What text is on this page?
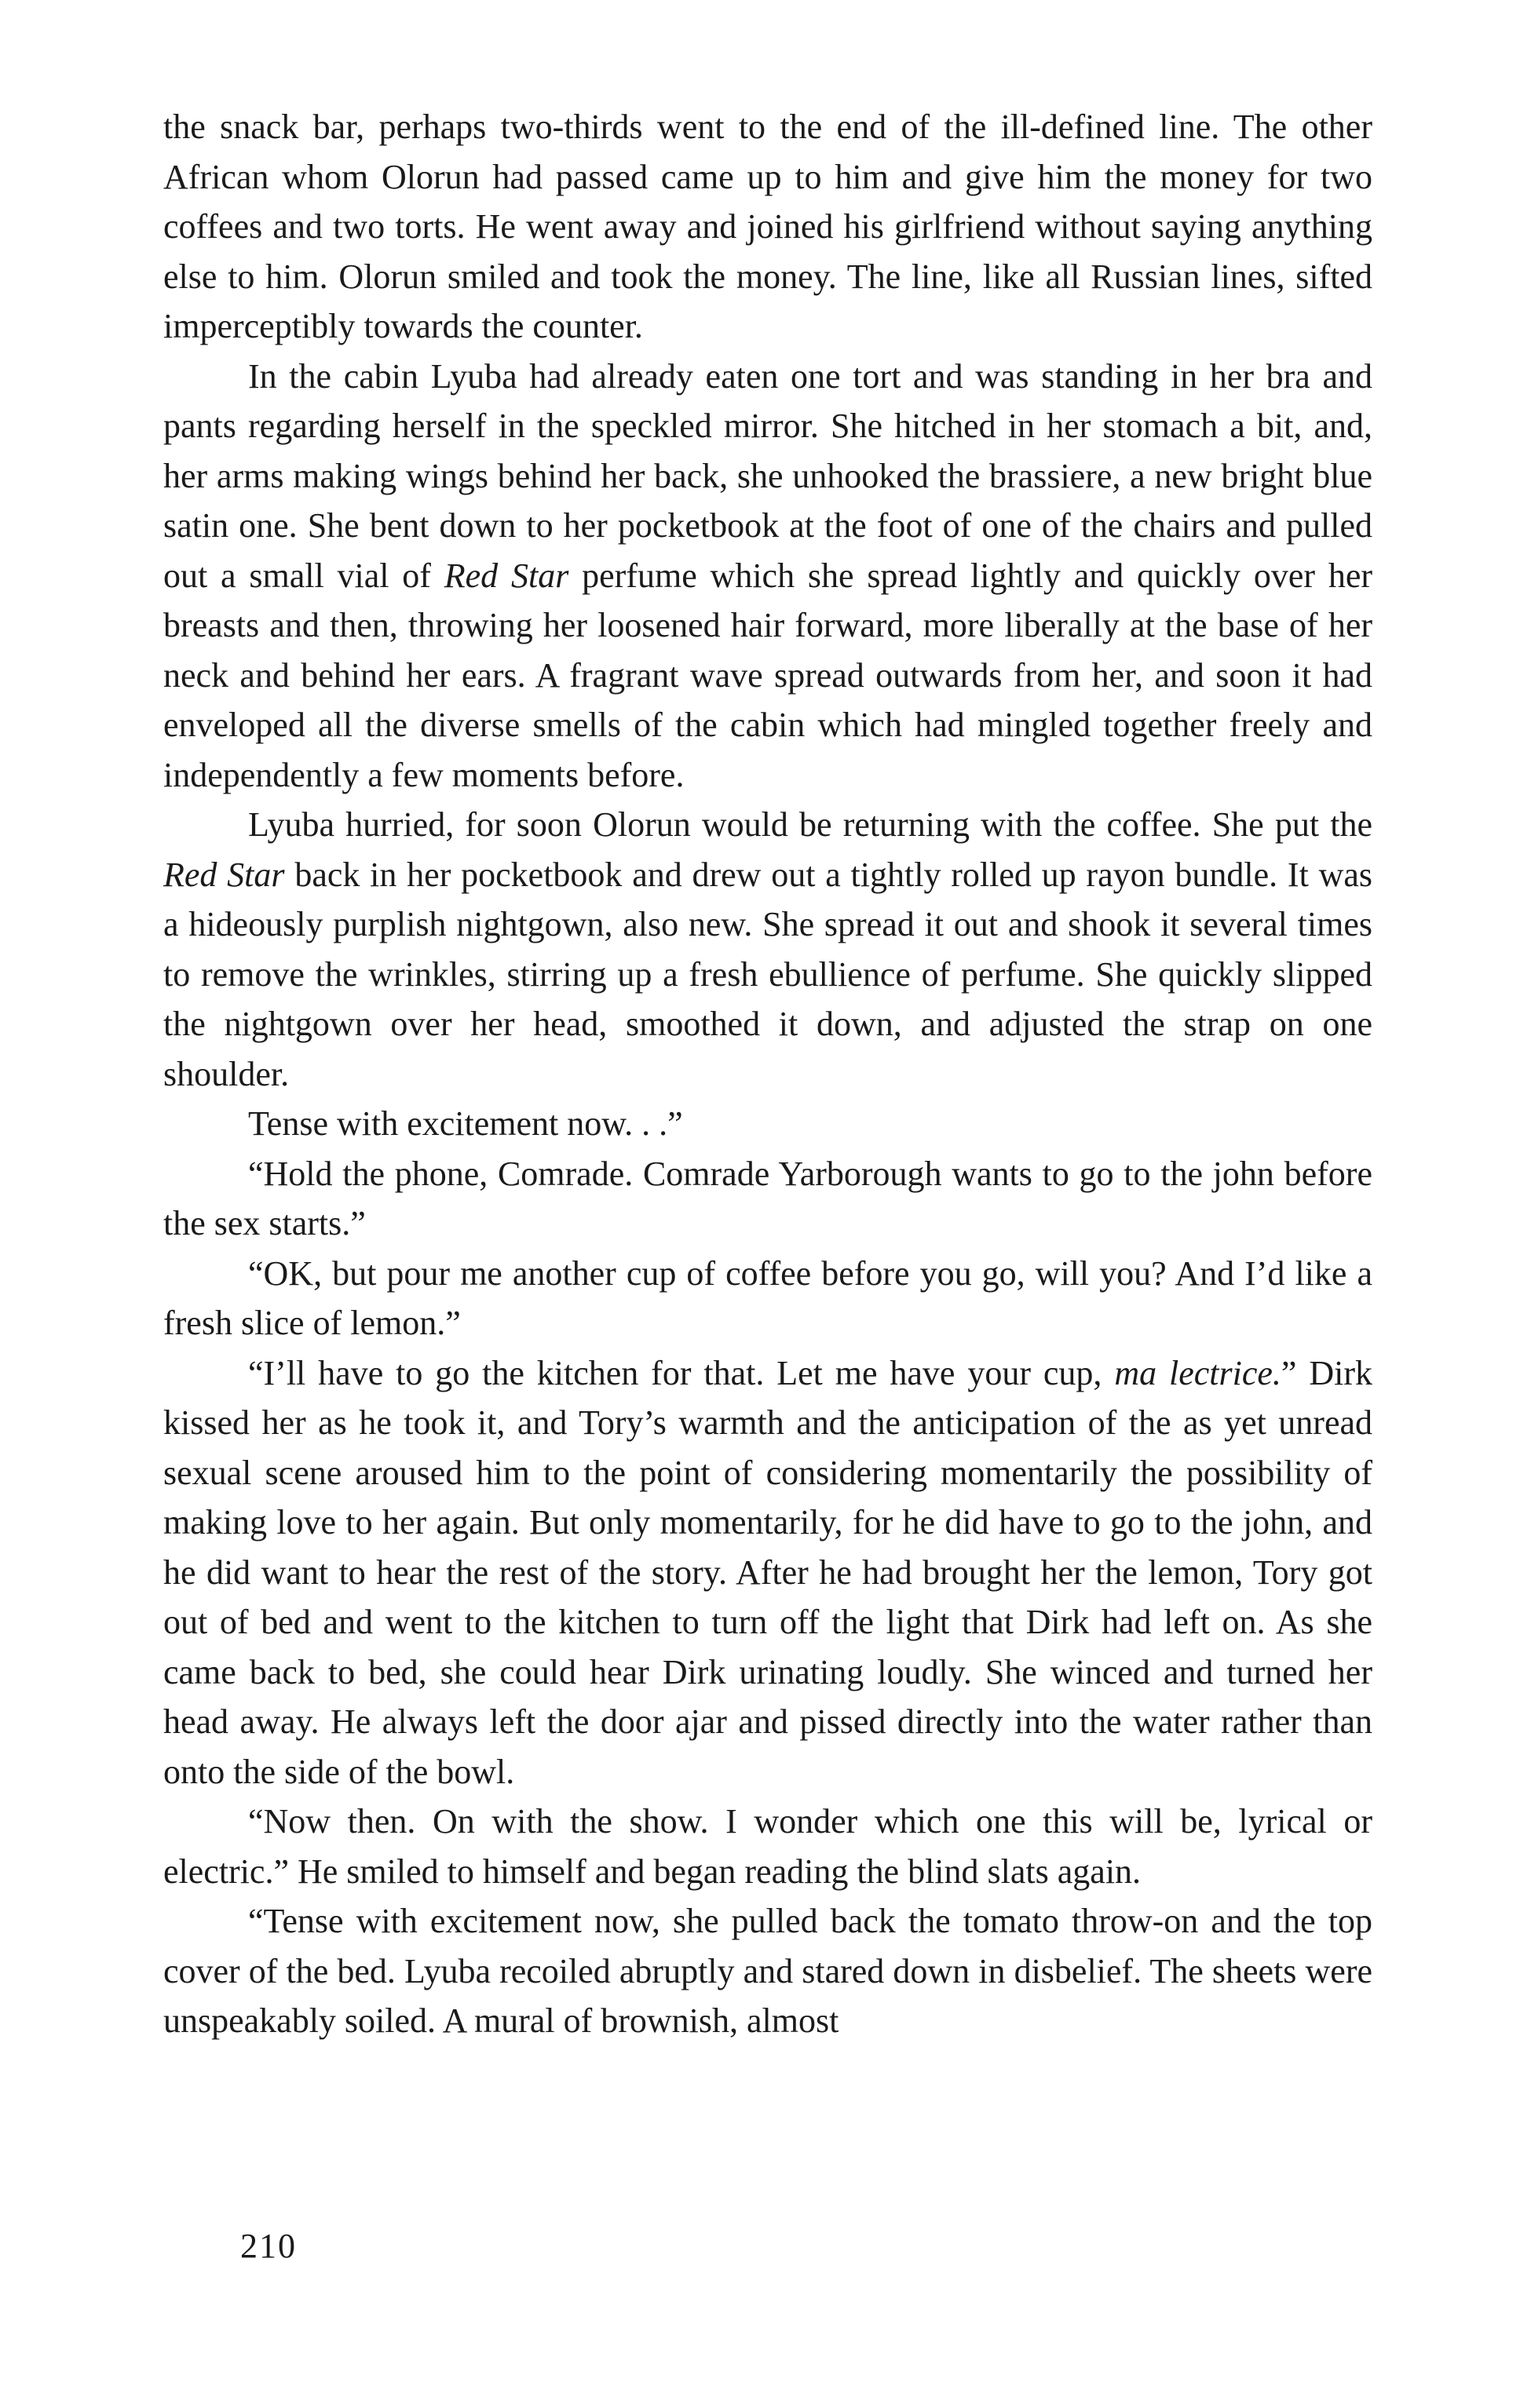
the snack bar, perhaps two-thirds went to the end of the ill-defined line. The other African whom Olorun had passed came up to him and give him the money for two coffees and two torts. He went away and joined his girlfriend without saying anything else to him. Olorun smiled and took the money. The line, like all Russian lines, sifted imperceptibly towards the counter.

In the cabin Lyuba had already eaten one tort and was standing in her bra and pants regarding herself in the speckled mirror. She hitched in her stomach a bit, and, her arms making wings behind her back, she unhooked the brassiere, a new bright blue satin one. She bent down to her pocketbook at the foot of one of the chairs and pulled out a small vial of Red Star perfume which she spread lightly and quickly over her breasts and then, throwing her loosened hair forward, more liberally at the base of her neck and behind her ears. A fragrant wave spread outwards from her, and soon it had enveloped all the diverse smells of the cabin which had mingled together freely and independently a few moments before.

Lyuba hurried, for soon Olorun would be returning with the coffee. She put the Red Star back in her pocketbook and drew out a tightly rolled up rayon bundle. It was a hideously purplish nightgown, also new. She spread it out and shook it several times to remove the wrinkles, stirring up a fresh ebullience of perfume. She quickly slipped the nightgown over her head, smoothed it down, and adjusted the strap on one shoulder.

Tense with excitement now. . .”

“Hold the phone, Comrade. Comrade Yarborough wants to go to the john before the sex starts.”

“OK, but pour me another cup of coffee before you go, will you? And I’d like a fresh slice of lemon.”

“I’ll have to go the kitchen for that. Let me have your cup, ma lectrice.” Dirk kissed her as he took it, and Tory’s warmth and the anticipation of the as yet unread sexual scene aroused him to the point of considering momentarily the possibility of making love to her again. But only momentarily, for he did have to go to the john, and he did want to hear the rest of the story. After he had brought her the lemon, Tory got out of bed and went to the kitchen to turn off the light that Dirk had left on. As she came back to bed, she could hear Dirk urinating loudly. She winced and turned her head away. He always left the door ajar and pissed directly into the water rather than onto the side of the bowl.

“Now then. On with the show. I wonder which one this will be, lyrical or electric.” He smiled to himself and began reading the blind slats again.

“Tense with excitement now, she pulled back the tomato throw-on and the top cover of the bed. Lyuba recoiled abruptly and stared down in disbelief. The sheets were unspeakably soiled. A mural of brownish, almost

210
